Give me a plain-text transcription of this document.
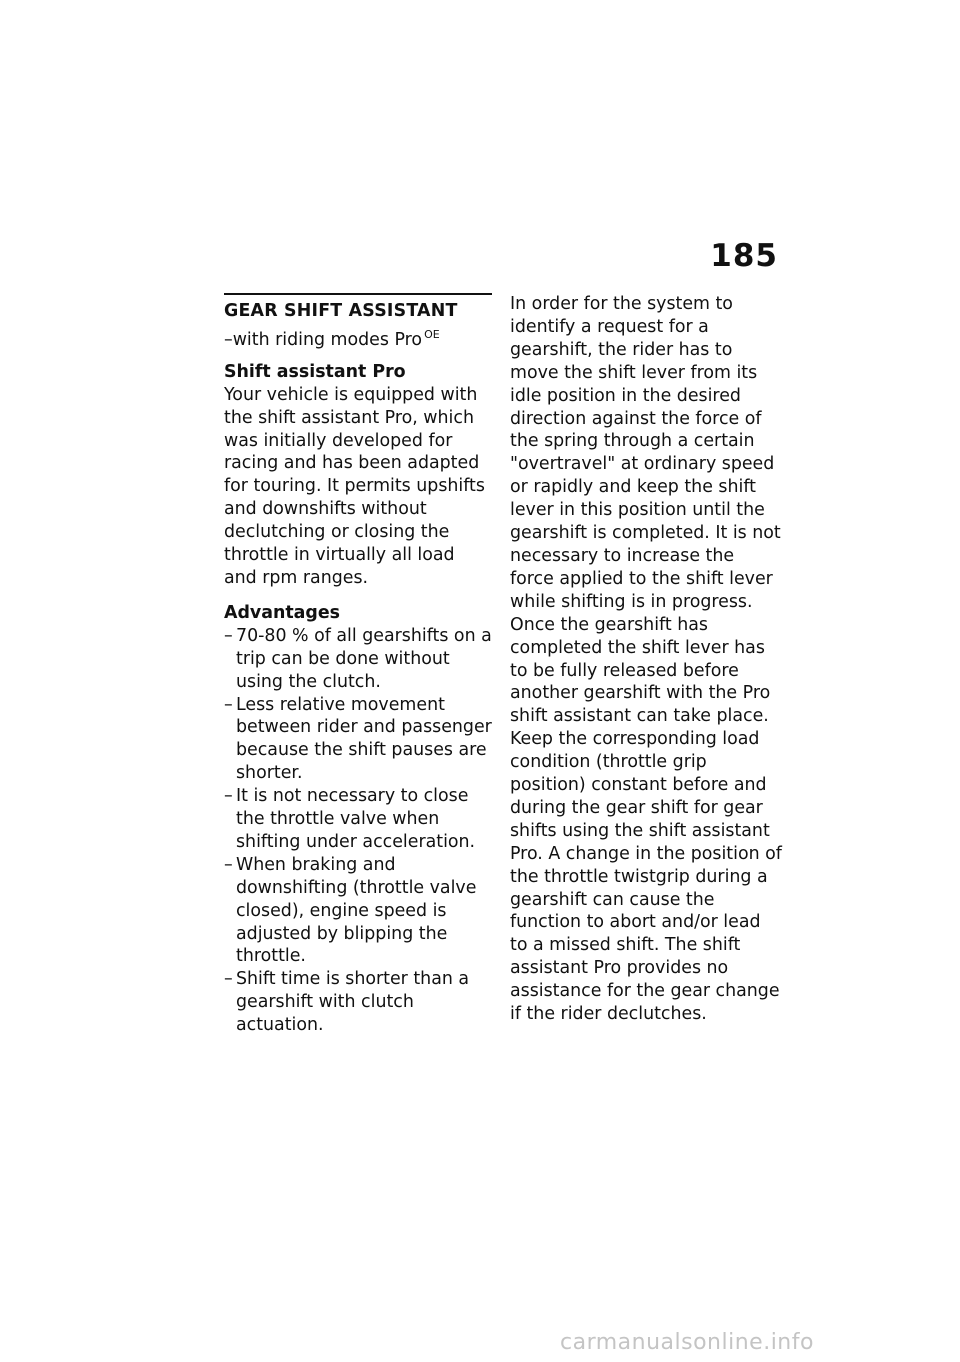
185
GEAR SHIFT ASSISTANT
–with riding modes Pro $^{OE}$
Shift assistant Pro

Your vehicle is equipped with the shift assistant Pro, which was initially developed for racing and has been adapted for touring. It permits upshifts and downshifts without declutching or closing the throttle in virtually all load and rpm ranges.

Advantages
– 70-80 % of all gearshifts on a trip can be done without using the clutch.
– Less relative movement between rider and passenger because the shift pauses are shorter.
– It is not necessary to close the throttle valve when shifting under acceleration.
– When braking and downshifting (throttle valve closed), engine speed is adjusted by blipping the throttle.
– Shift time is shorter than a gearshift with clutch actuation.

In order for the system to identify a request for a gearshift, the rider has to move the shift lever from its idle position in the desired direction against the force of the spring through a certain "overtravel" at ordinary speed or rapidly and keep the shift lever in this position until the gearshift is completed. It is not necessary to increase the force applied to the shift lever while shifting is in progress. Once the gearshift has completed the shift lever has to be fully released before another gearshift with the Pro shift assistant can take place. Keep the corresponding load condition (throttle grip position) constant before and during the gear shift for gear shifts using the shift assistant Pro. A change in the position of the throttle twistgrip during a gearshift can cause the function to abort and/or lead to a missed shift. The shift assistant Pro provides no assistance for the gear change if the rider declutches.

carmanualsonline.info
